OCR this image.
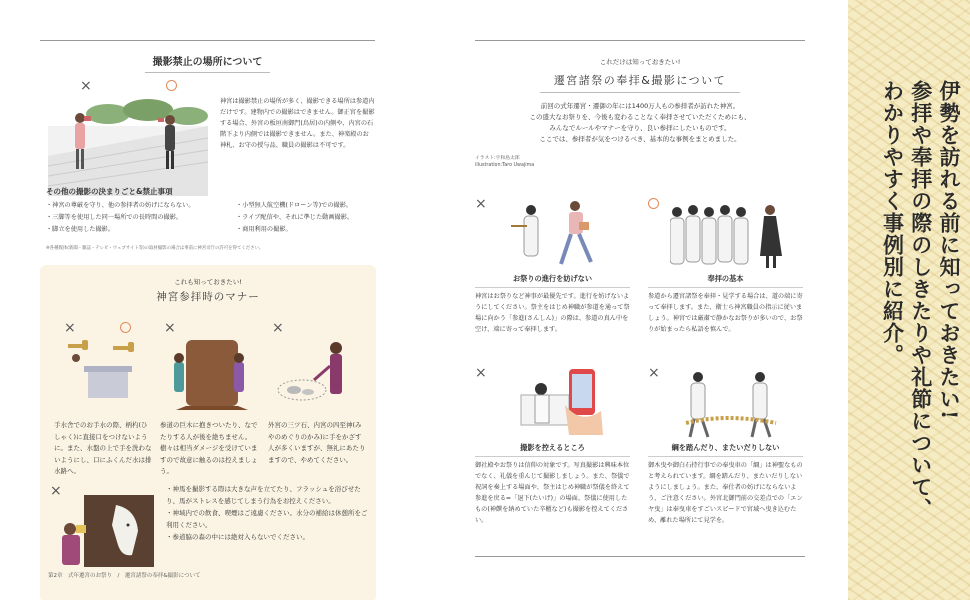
撮影禁止の場所について
×
神宮は撮影禁止の場所が多く、撮影できる場所は参道内だけです。建物内での撮影はできません。御正宮を撮影する場合、外宮の板垣南御門(鳥居)の内側や、内宮の石階下より内側では撮影できません。また、神楽殿のお神札、お守の授与品、職員の撮影は不可です。
その他の撮影の決まりごと&禁止事項
・神宮の尊厳を守り、他の参拝者の妨げにならない。
・三脚等を使用した同一場所での長時間の撮影。
・脚立を使用した撮影。
・小型無人航空機(ドローン等)での撮影。
・ライブ配信や、それに準じた動画撮影。
・商用利用の撮影。
※各種媒体(新聞・雑誌・テレビ・ウェブサイト等)の取材撮影の場合は事前に神宮司庁の許可を得てください。
これも知っておきたい!
神宮参拝時のマナー
×
手水舎でのお手水の際、柄杓(ひしゃく)に直接口をつけないように。また、水盤の上で手を洗わないようにし、口にふくんだ水は排水路へ。
×
参道の巨木に抱きついたり、なでたりする人が後を絶ちません。樹々は相当ダメージを受けていますので故意に触るのは控えましょう。
×
外宮の三ツ石、内宮の四至神(みやのめぐりのかみ)に手をかざす人が多くいますが、無礼にあたりますので、やめてください。
×	・神馬を撮影する際は大きな声を立てたり、フラッシュを浴びせたり、馬がストレスを感じてしまう行為をお控えください。
・神域内での飲食、喫煙はご遠慮ください。水分の補給は休憩所をご利用ください。
・参道脇の森の中には絶対入らないでください。
第2章　式年遷宮のお祭り　/　遷宮諸祭の奉拝&撮影について
これだけは知っておきたい!
遷宮諸祭の奉拝&撮影について
前回の式年遷宮・遷御の年には1400万人もの参拝者が訪れた神宮。
この盛大なお祭りを、今後も変わることなく奉拝させていただくためにも、
みんなでルールやマナーを守り、良い参拝にしたいものです。
ここでは、参拝者が気をつけるべき、基本的な事例をまとめました。
イラスト:宇和島太郎
illustration:Taro Uwajima
×
お祭りの進行を妨げない
神宮はお祭りなど神事が最優先です。進行を妨げないようにしてください。祭主をはじめ神職が参道を通って祭場に向かう「参進(さんしん)」の際は、参道の真ん中を空け、端に寄って奉拝します。
奉拝の基本
参道から遷宮諸祭を奉拝・見学する場合は、道の端に寄って奉拝します。また、衛士ら神宮職員の指示に従いましょう。神宮では厳粛で静かなお祭りが多いので、お祭りが始まったら私語を慎んで。
×
撮影を控えるところ
御社殿やお祭りは信仰の対象です。写真撮影は興味本位でなく、礼儀を重んじて撮影しましょう。また、祭儀で祝詞を奏上する場面や、祭主はじめ神職が祭儀を終えて参進を戻る=「退下(たいげ)」の場面、祭儀に使用したもの(神饌を納めていた辛櫃など)も撮影を控えてください。
×
綱を踏んだり、またいだりしない
御木曳や御白石持行事での奉曳車の「綱」は神聖なものと考えられています。綱を踏んだり、またいだりしないようにしましょう。また、奉仕者の妨げにならないよう、ご注意ください。外宮北御門前の交差点での「エンヤ曳」は奉曳車をすごいスピードで宮域へ曳き込むため、離れた場所にて見学を。
伊勢を訪れる前に知っておきたい!
参拝や奉拝の際のしきたりや礼節について、
わかりやすく事例別に紹介。
